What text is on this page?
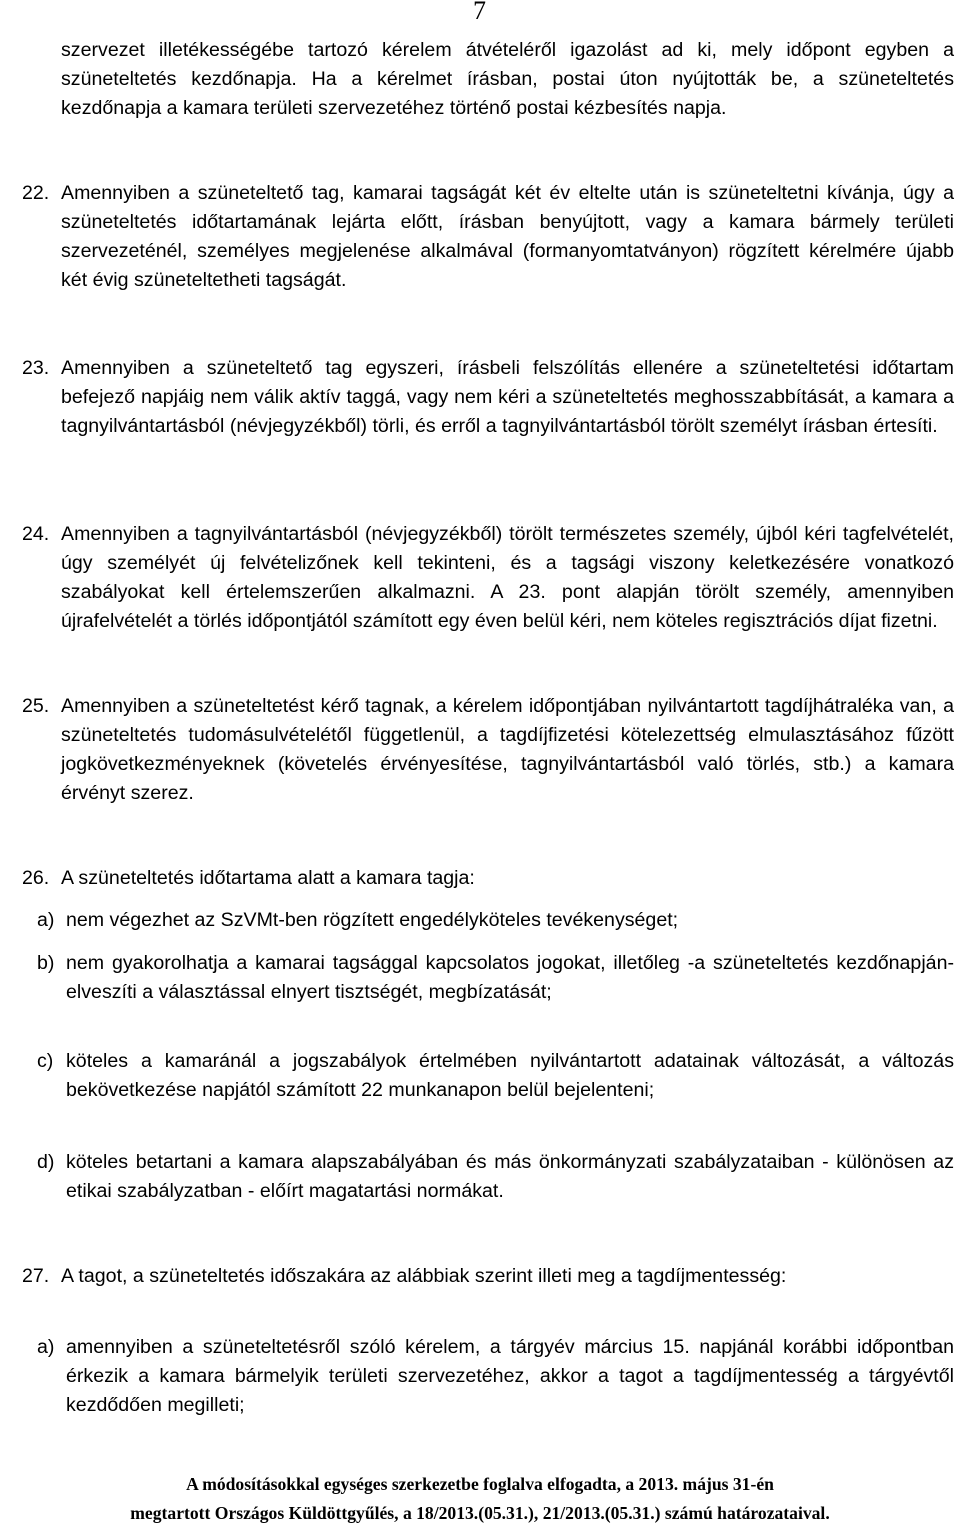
7

szervezet illetékességébe tartozó kérelem átvételéről igazolást ad ki, mely időpont egyben a szüneteltetés kezdőnapja. Ha a kérelmet írásban, postai úton nyújtották be, a szüneteltetés kezdőnapja a kamara területi szervezetéhez történő postai kézbesítés napja.

22. Amennyiben a szüneteltető tag, kamarai tagságát két év eltelte után is szüneteltetni kívánja, úgy a szüneteltetés időtartamának lejárta előtt, írásban benyújtott, vagy a kamara bármely területi szervezeténél, személyes megjelenése alkalmával (formanyomtatványon) rögzített kérelmére újabb két évig szüneteltetheti tagságát.
23. Amennyiben a szüneteltető tag egyszeri, írásbeli felszólítás ellenére a szüneteltetési időtartam befejező napjáig nem válik aktív taggá, vagy nem kéri a szüneteltetés meghosszabbítását, a kamara a tagnyilvántartásból (névjegyzékből) törli, és erről a tagnyilvántartásból törölt személyt írásban értesíti.
24. Amennyiben a tagnyilvántartásból (névjegyzékből) törölt természetes személy, újból kéri tagfelvételét, úgy személyét új felvételizőnek kell tekinteni, és a tagsági viszony keletkezésére vonatkozó szabályokat kell értelemszerűen alkalmazni. A 23. pont alapján törölt személy, amennyiben újrafelvételét a törlés időpontjától számított egy éven belül kéri, nem köteles regisztrációs díjat fizetni.
25. Amennyiben a szüneteltetést kérő tagnak, a kérelem időpontjában nyilvántartott tagdíjhátraléka van, a szüneteltetés tudomásulvételétől függetlenül, a tagdíjfizetési kötelezettség elmulasztásához fűzött jogkövetkezményeknek (követelés érvényesítése, tagnyilvántartásból való törlés, stb.) a kamara érvényt szerez.
26. A szüneteltetés időtartama alatt a kamara tagja:
a) nem végezhet az SzVMt-ben rögzített engedélyköteles tevékenységet;
b) nem gyakorolhatja a kamarai tagsággal kapcsolatos jogokat, illetőleg -a szüneteltetés kezdőnapján- elveszíti a választással elnyert tisztségét, megbízatását;
c) köteles a kamaránál a jogszabályok értelmében nyilvántartott adatainak változását, a változás bekövetkezése napjától számított 22 munkanapon belül bejelenteni;
d) köteles betartani a kamara alapszabályában és más önkormányzati szabályzataiban - különösen az etikai szabályzatban - előírt magatartási normákat.
27. A tagot, a szüneteltetés időszakára az alábbiak szerint illeti meg a tagdíjmentesség:
a) amennyiben a szüneteltetésről szóló kérelem, a tárgyév március 15. napjánál korábbi időpontban érkezik a kamara bármelyik területi szervezetéhez, akkor a tagot a tagdíjmentesség a tárgyévtől kezdődően megilleti;
A módosításokkal egységes szerkezetbe foglalva elfogadta, a 2013. május 31-én
megtartott Országos Küldöttgyűlés, a 18/2013.(05.31.), 21/2013.(05.31.) számú határozataival.
